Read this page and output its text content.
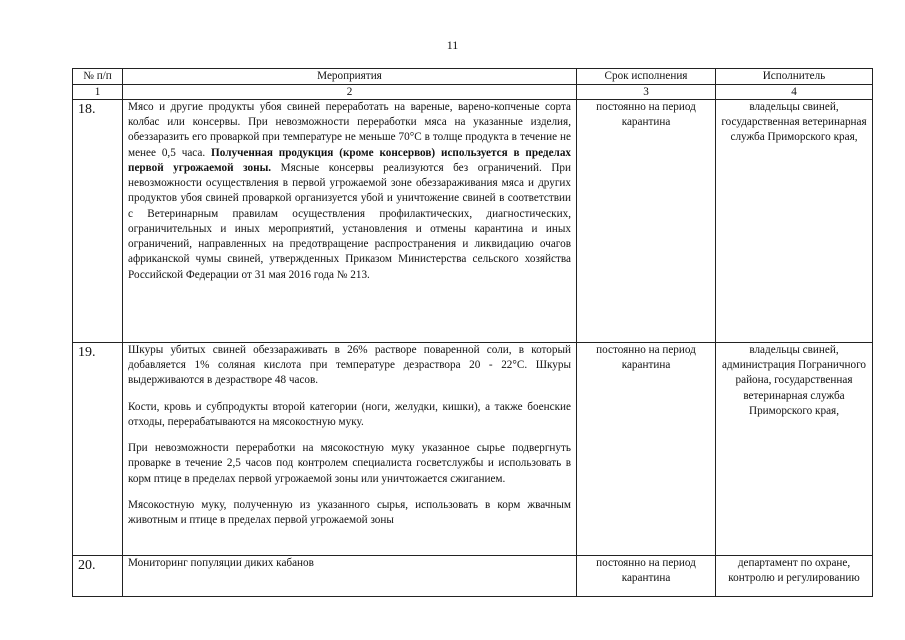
11
№ п/п	Мероприятия	Срок исполнения	Исполнитель
1	2	3	4
18.	Мясо и другие продукты убоя свиней переработать на вареные, варено-копченые сорта колбас или консервы. При невозможности переработки мяса на указанные изделия, обеззаразить его проваркой при температуре не меньше 70°С в толще продукта в течение не менее 0,5 часа. Полученная продукция (кроме консервов) используется в пределах первой угрожаемой зоны. Мясные консервы реализуются без ограничений. При невозможности осуществления в первой угрожаемой зоне обеззараживания мяса и других продуктов убоя свиней проваркой организуется убой и уничтожение свиней в соответствии с Ветеринарным правилам осуществления профилактических, диагностических, ограничительных и иных мероприятий, установления и отмены карантина и иных ограничений, направленных на предотвращение распространения и ликвидацию очагов африканской чумы свиней, утвержденных Приказом Министерства сельского хозяйства Российской Федерации от 31 мая 2016 года № 213.	постоянно на период карантина	владельцы свиней, государственная ветеринарная служба Приморского края,
19.	Шкуры убитых свиней обеззараживать в 26% растворе поваренной соли, в который добавляется 1% соляная кислота при температуре дезраствора 20 - 22°С. Шкуры выдерживаются в дезрастворе 48 часов.

Кости, кровь и субпродукты второй категории (ноги, желудки, кишки), а также боенские отходы, перерабатываются на мясокостную муку.

При невозможности переработки на мясокостную муку указанное сырье подвергнуть проварке в течение 2,5 часов под контролем специалиста госветслужбы и использовать в корм птице в пределах первой угрожаемой зоны или уничтожается сжиганием.

Мясокостную муку, полученную из указанного сырья, использовать в корм жвачным животным и птице в пределах первой угрожаемой зоны	постоянно на период карантина	владельцы свиней, администрация Пограничного района, государственная ветеринарная служба Приморского края,
20.	Мониторинг популяции диких кабанов	постоянно на период карантина	департамент по охране, контролю и регулированию
